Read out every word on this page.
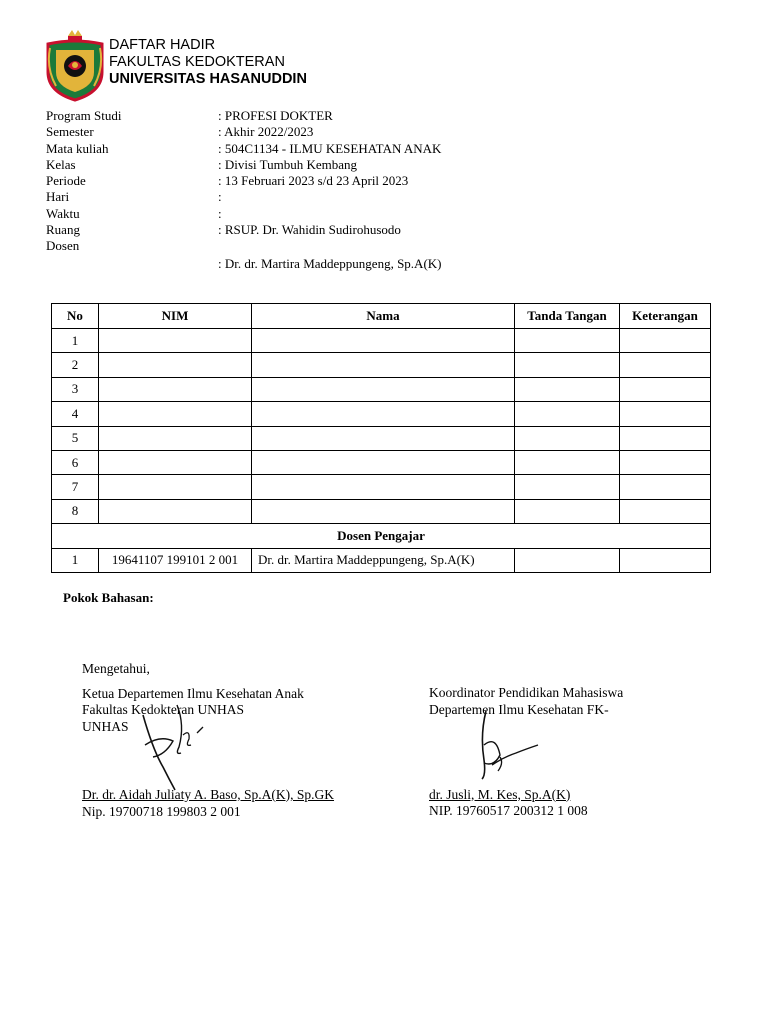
DAFTAR HADIR
FAKULTAS KEDOKTERAN
UNIVERSITAS HASANUDDIN
Program Studi	: PROFESI DOKTER
Semester	: Akhir 2022/2023
Mata kuliah	: 504C1134 - ILMU KESEHATAN ANAK
Kelas	: Divisi Tumbuh Kembang
Periode	: 13 Februari 2023 s/d 23 April 2023
Hari	:
Waktu	:
Ruang	: RSUP. Dr. Wahidin Sudirohusodo
Dosen
: Dr. dr. Martira Maddeppungeng, Sp.A(K)
No	NIM	Nama	Tanda Tangan	Keterangan
1				
2				
3				
4				
5				
6				
7				
8				
Dosen Pengajar				
1	19641107 199101 2 001	Dr. dr. Martira Maddeppungeng, Sp.A(K)		
Pokok Bahasan:
Mengetahui,
Ketua Departemen Ilmu Kesehatan Anak
Fakultas Kedokteran UNHAS
UNHAS
Dr. dr. Aidah Juliaty A. Baso, Sp.A(K), Sp.GK
Nip. 19700718 199803 2 001
Koordinator Pendidikan Mahasiswa
Departemen Ilmu Kesehatan FK-
dr. Jusli, M. Kes, Sp.A(K)
NIP. 19760517 200312 1 008
